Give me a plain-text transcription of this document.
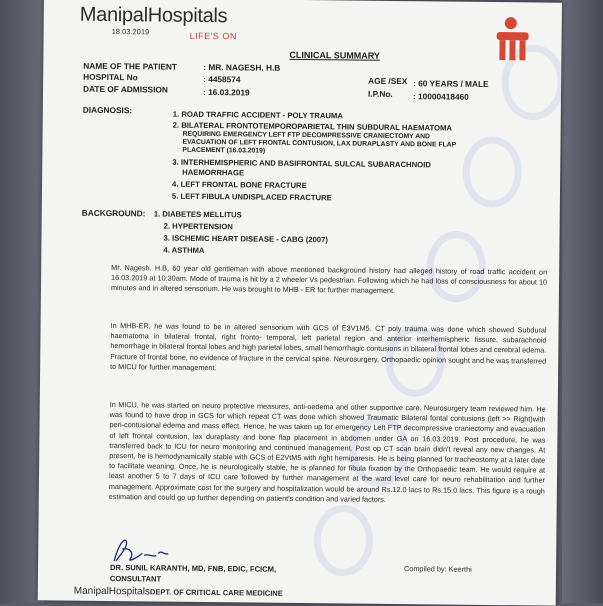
ManipalHospitals
18.03.2019	LIFE'S ON
CLINICAL SUMMARY
NAME OF THE PATIENT	: MR. NAGESH. H.B
HOSPITAL No	: 4458574
DATE OF ADMISSION	: 16.03.2019
AGE /SEX : 60 YEARS / MALE
I.P.No. : 10000418460
DIAGNOSIS:	1. ROAD TRAFFIC ACCIDENT - POLY TRAUMA
2. BILATERAL FRONTOTEMPOROPARIETAL THIN SUBDURAL HAEMATOMA
REQUIRING EMERGENCY LEFT FTP DECOMPRESSIVE CRANIECTOMY AND
EVACUATION OF LEFT FRONTAL CONTUSION, LAX DURAPLASTY AND BONE FLAP
PLACEMENT (16.03.2019)
3. INTERHEMISPHERIC AND BASIFRONTAL SULCAL SUBARACHNOID
HAEMORRHAGE
4. LEFT FRONTAL BONE FRACTURE
5. LEFT FIBULA UNDISPLACED FRACTURE
BACKGROUND: 1. DIABETES MELLITUS
2. HYPERTENSION
3. ISCHEMIC HEART DISEASE - CABG (2007)
4. ASTHMA
Mr. Nagesh. H.B, 60 year old gentleman with above mentioned background history had alleged history of road traffic accident on 16.03.2019 at 10:30am. Mode of trauma is hit by a 2 wheeler Vs pedestrian. Following which he had loss of consciousness for about 10 minutes and in altered sensorium. He was brought to MHB - ER for further management.
In MHB-ER, he was found to be in altered sensorium with GCS of E3V1M5. CT poly trauma was done which showed Subdural haematoma in bilateral frontal, right fronto- temporal, left parietal region and anterior interhemispheric fissure, subarachnoid hemorrhage in bilateral frontal lobes and high parietal lobes, small hemorrhagic contusions in bilateral frontal lobes and cerebral edema. Fracture of frontal bone, no evidence of fracture in the cervical spine. Neurosurgery, Orthopaedic opinion sought and he was transferred to MICU for further management.
In MICU, he was started on neuro protective measures, anti-oedema and other supportive care. Neurosurgery team reviewed him. He was found to have drop in GCS for which repeat CT was done which showed Traumatic Bilateral fontal contusions (left >> Right)with peri-contusional edema and mass effect. Hence, he was taken up for emergency Left FTP decompressive craniectomy and evacuation of left frontal contusion, lax duraplasty and bone flap placement in abdomen under GA on 16.03.2019. Post procedure, he was transferred back to ICU for neuro monitoring and continued management. Post op CT scan brain didn't reveal any new changes. At present, he is hemodynamically stable with GCS of E2VtM5 with right hemiparesis. He is being planned for tracheostomy at a later date to facilitate weaning. Once, he is neurologically stable, he is planned for fibula fixation by the Orthopaedic team. He would require at least another 5 to 7 days of ICU care followed by further management at the ward level care for neuro rehabilitation and further management. Approximate cost for the surgery and hospitalization would be around Rs.12.0 lacs to Rs.15.0 lacs. This figure is a rough estimation and could go up further depending on patient's condition and varied factors.
DR. SUNIL KARANTH, MD, FNB, EDIC, FCICM,
CONSULTANT
Compiled by: Keerthi
ManipalHospitalsDEPT. OF CRITICAL CARE MEDICINE
